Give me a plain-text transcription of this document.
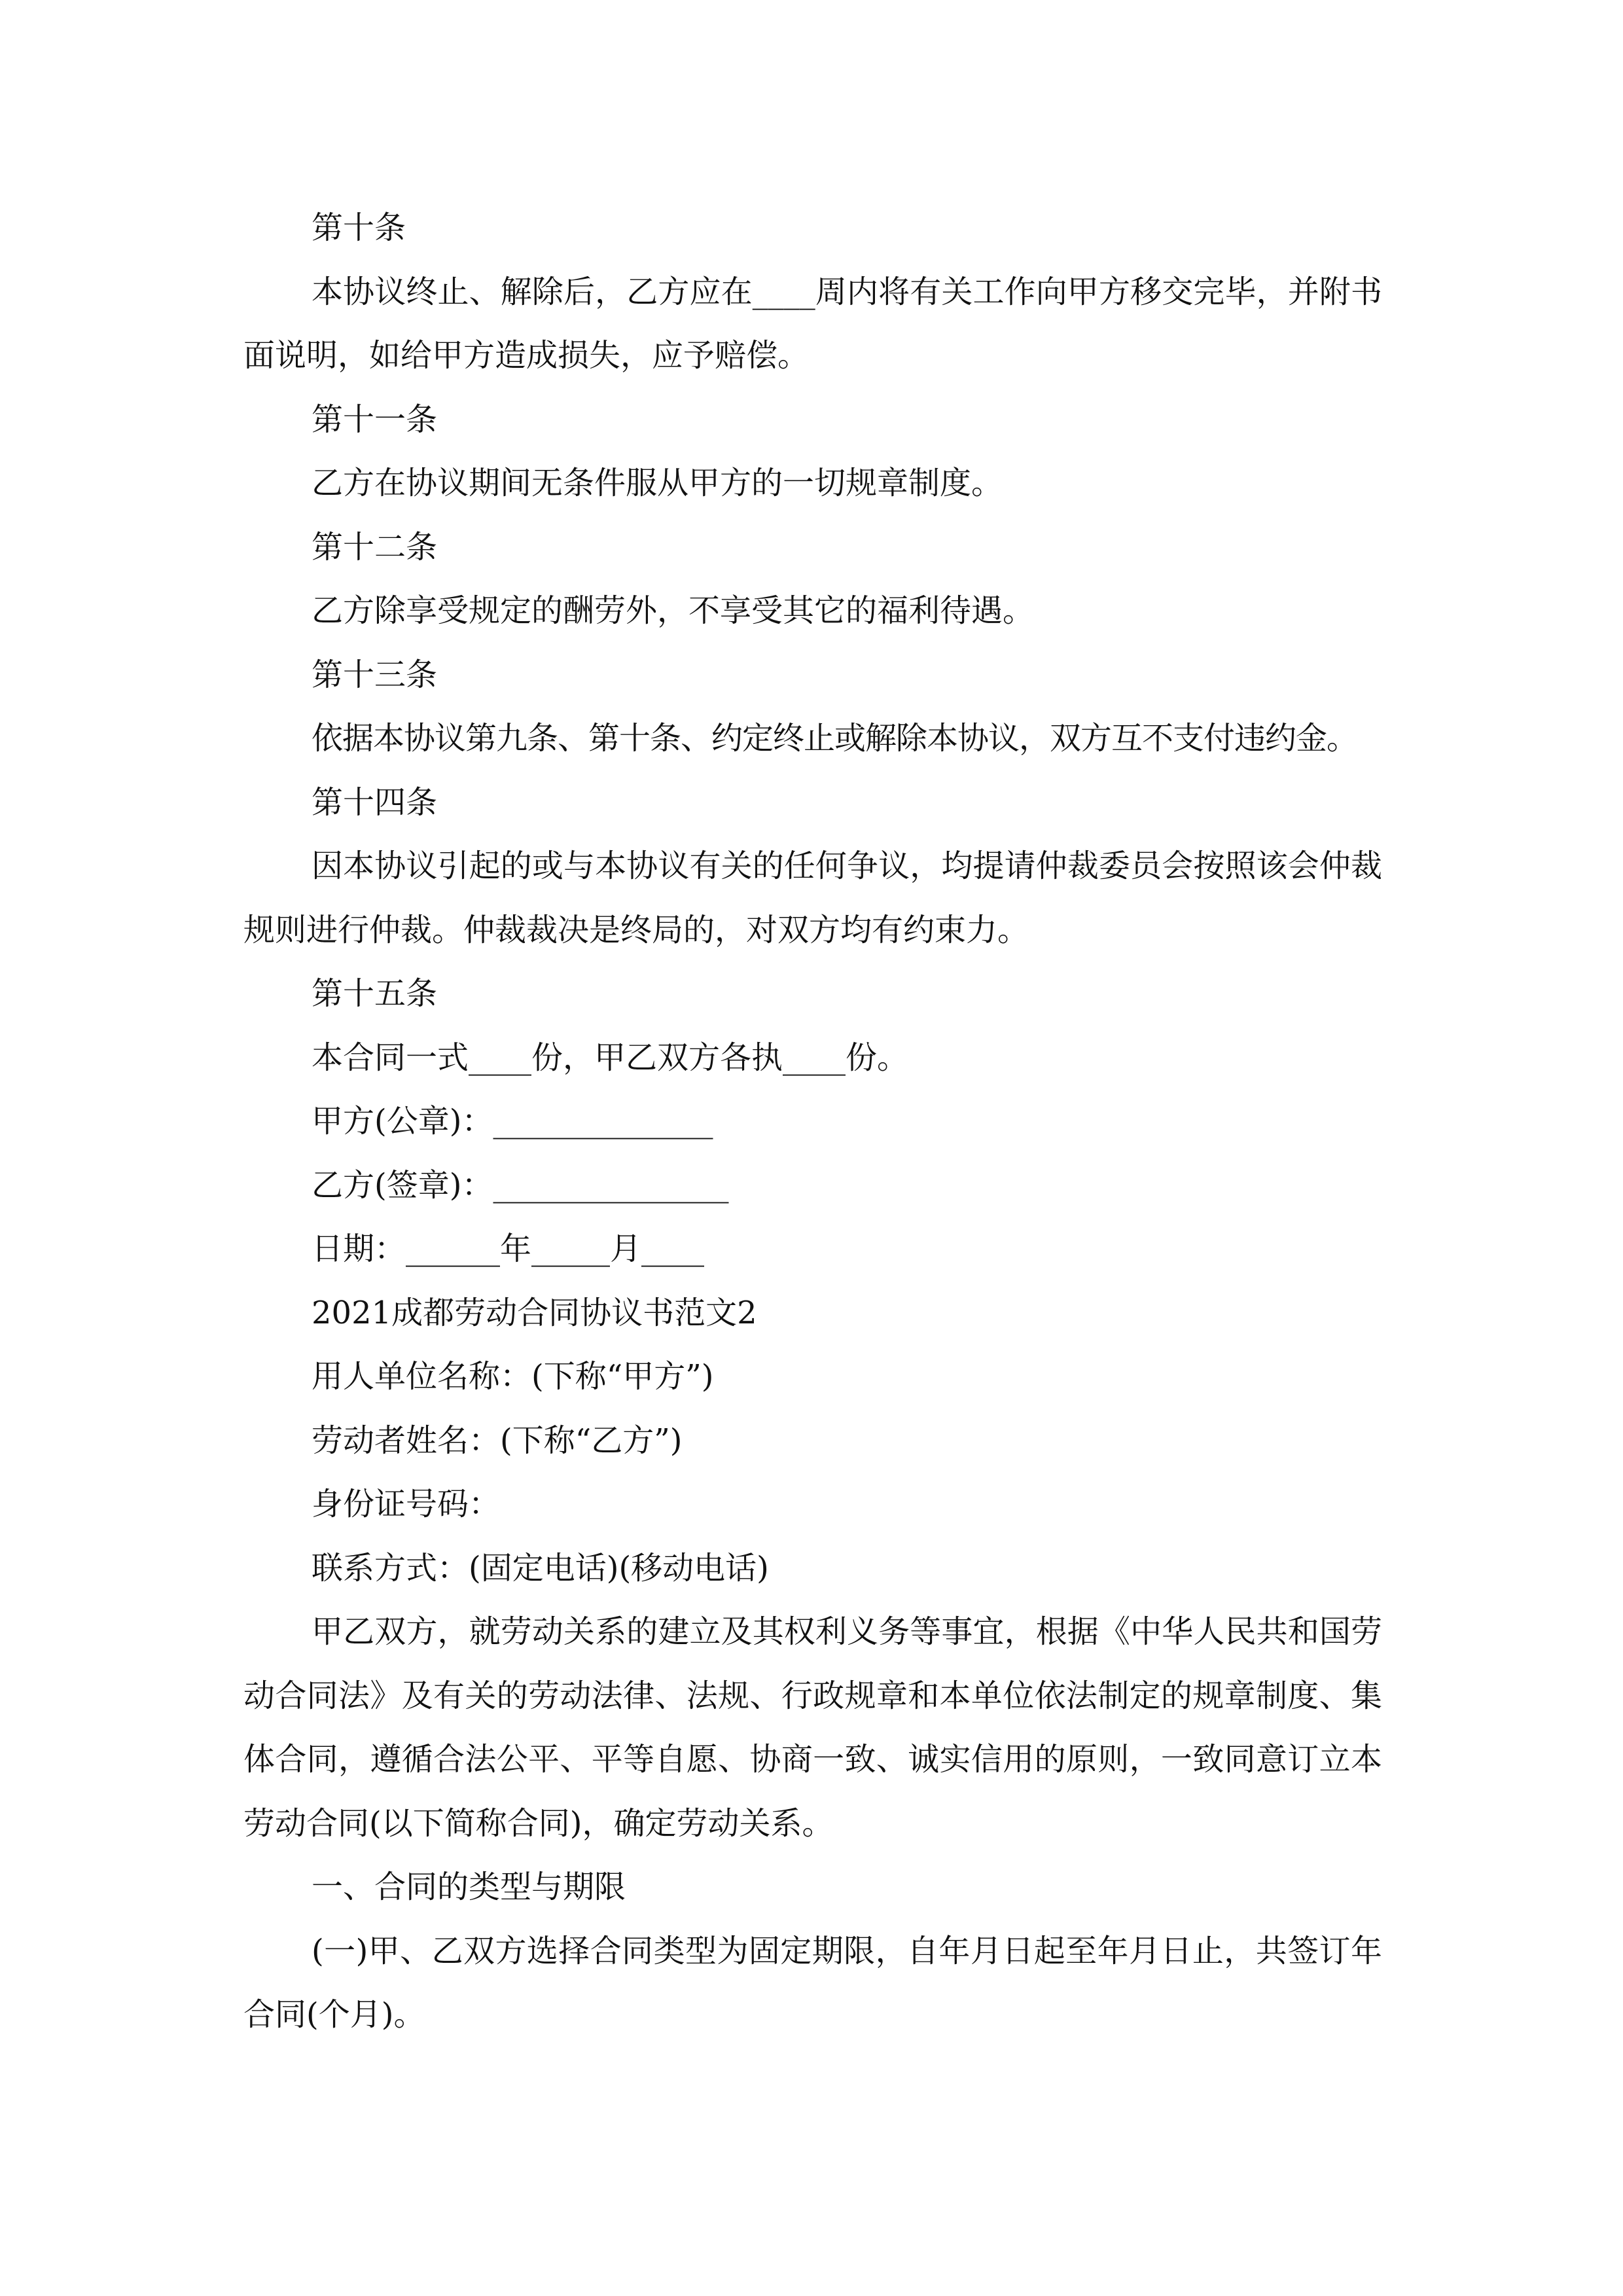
第十条

本协议终止、解除后，乙方应在____周内将有关工作向甲方移交完毕，并附书面说明，如给甲方造成损失，应予赔偿。

第十一条

乙方在协议期间无条件服从甲方的一切规章制度。

第十二条

乙方除享受规定的酬劳外，不享受其它的福利待遇。

第十三条

依据本协议第九条、第十条、约定终止或解除本协议，双方互不支付违约金。

第十四条

因本协议引起的或与本协议有关的任何争议，均提请仲裁委员会按照该会仲裁规则进行仲裁。仲裁裁决是终局的，对双方均有约束力。

第十五条

本合同一式____份，甲乙双方各执____份。

甲方(公章)：______________

乙方(签章)：_______________

日期：______年_____月____

2021成都劳动合同协议书范文2

用人单位名称：(下称“甲方”)

劳动者姓名：(下称“乙方”)

身份证号码：

联系方式：(固定电话)(移动电话)

甲乙双方，就劳动关系的建立及其权利义务等事宜，根据《中华人民共和国劳动合同法》及有关的劳动法律、法规、行政规章和本单位依法制定的规章制度、集体合同，遵循合法公平、平等自愿、协商一致、诚实信用的原则，一致同意订立本劳动合同(以下简称合同)，确定劳动关系。

一、合同的类型与期限

(一)甲、乙双方选择合同类型为固定期限，自年月日起至年月日止，共签订年合同(个月)。
